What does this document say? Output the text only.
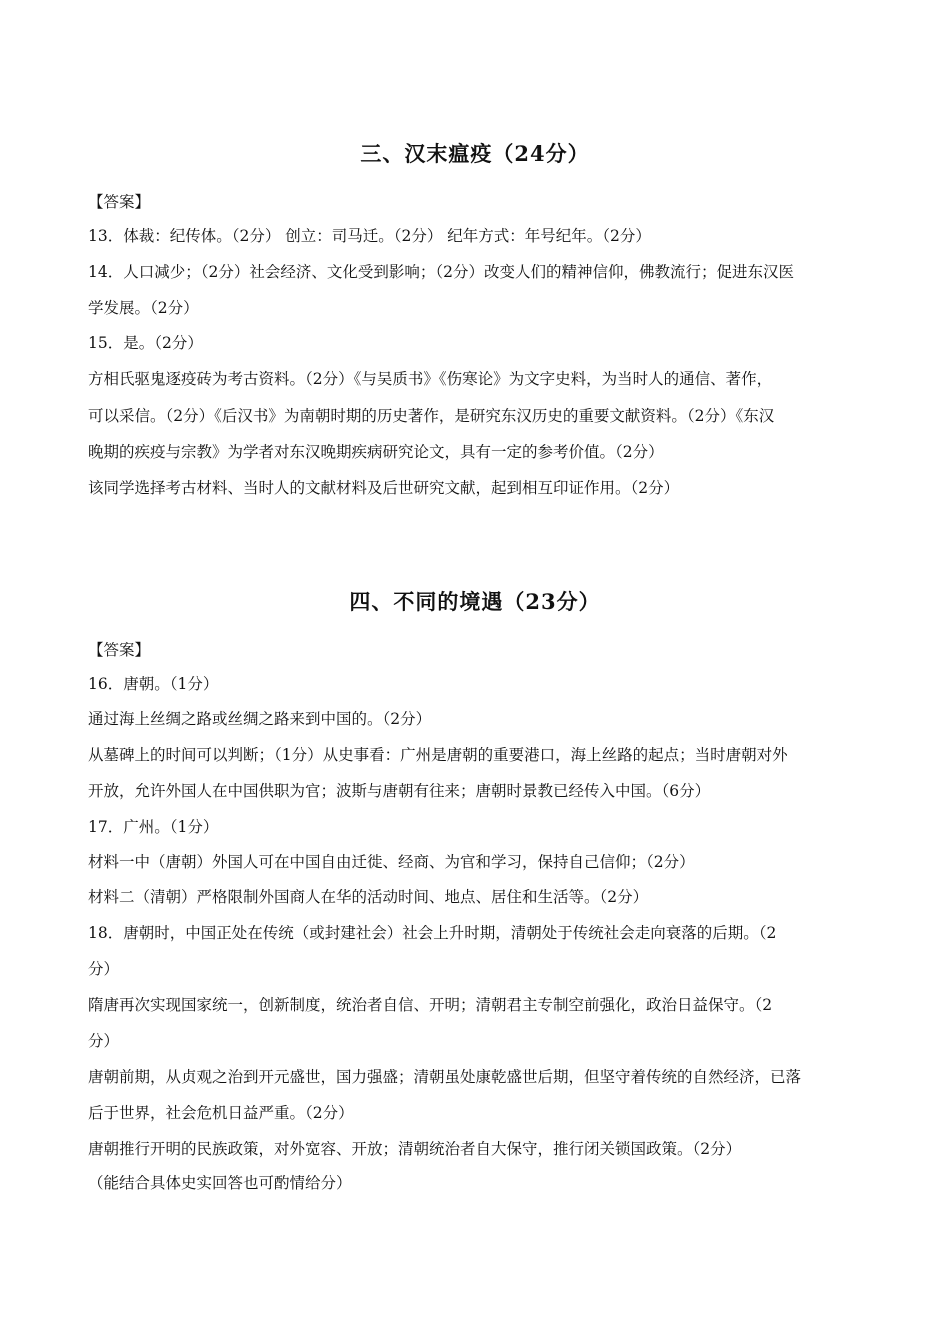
三、汉末瘟疫（24分）
【答案】
13．体裁：纪传体。（2分） 创立：司马迁。（2分） 纪年方式：年号纪年。（2分）
14．人口减少；（2分）社会经济、文化受到影响；（2分）改变人们的精神信仰，佛教流行；促进东汉医
学发展。（2分）
15．是。（2分）
方相氏驱鬼逐疫砖为考古资料。（2分）《与吴质书》《伤寒论》为文字史料，为当时人的通信、著作，
可以采信。（2分）《后汉书》为南朝时期的历史著作，是研究东汉历史的重要文献资料。（2分）《东汉
晚期的疾疫与宗教》为学者对东汉晚期疾病研究论文，具有一定的参考价值。（2分）
该同学选择考古材料、当时人的文献材料及后世研究文献，起到相互印证作用。（2分）
四、不同的境遇（23分）
【答案】
16．唐朝。（1分）
通过海上丝绸之路或丝绸之路来到中国的。（2分）
从墓碑上的时间可以判断；（1分）从史事看：广州是唐朝的重要港口，海上丝路的起点；当时唐朝对外
开放，允许外国人在中国供职为官；波斯与唐朝有往来；唐朝时景教已经传入中国。（6分）
17．广州。（1分）
材料一中（唐朝）外国人可在中国自由迁徙、经商、为官和学习，保持自己信仰；（2分）
材料二（清朝）严格限制外国商人在华的活动时间、地点、居住和生活等。（2分）
18．唐朝时，中国正处在传统（或封建社会）社会上升时期，清朝处于传统社会走向衰落的后期。（2
分）
隋唐再次实现国家统一，创新制度，统治者自信、开明；清朝君主专制空前强化，政治日益保守。（2
分）
唐朝前期，从贞观之治到开元盛世，国力强盛；清朝虽处康乾盛世后期，但坚守着传统的自然经济，已落
后于世界，社会危机日益严重。（2分）
唐朝推行开明的民族政策，对外宽容、开放；清朝统治者自大保守，推行闭关锁国政策。（2分）
（能结合具体史实回答也可酌情给分）
